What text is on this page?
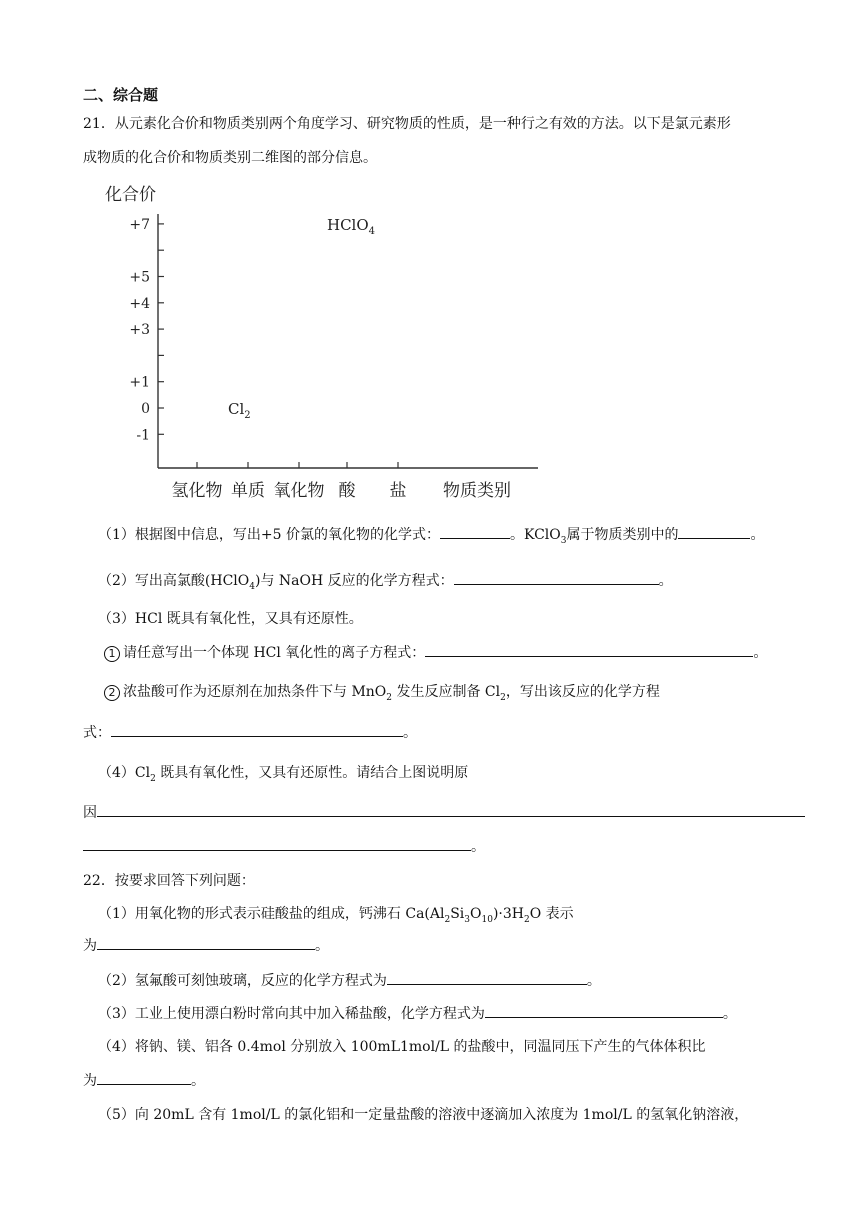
二、综合题
21．从元素化合价和物质类别两个角度学习、研究物质的性质，是一种行之有效的方法。以下是氯元素形
成物质的化合价和物质类别二维图的部分信息。
化合价
+7
+5
+4
+3
+1
0
-1
氢化物 单质 氧化物 酸 盐
HClO$_4$
$Cl_2$
物质类别
（1）根据图中信息，写出+5 价氯的氧化物的化学式：	。KClO$_3$属于物质类别中的	。
（2）写出高氯酸(HClO$_4$)与 NaOH 反应的化学方程式：	。
（3）HCl 既具有氧化性，又具有还原性。
1 请任意写出一个体现 HCl 氧化性的离子方程式：	。
2 浓盐酸可作为还原剂在加热条件下与 MnO$_2$ 发生反应制备 $Cl_2$，写出该反应的化学方程
式：	。
$(4)Cl_2$ 既具有氧化性，又具有还原性。请结合上图说明原
因
。
22．按要求回答下列问题：
（1）用氧化物的形式表示硅酸盐的组成，钙沸石 $Ca(Al_2Si_3O_{10})\cdot 3H_2O$ 表示
为	。
（2）氢氟酸可刻蚀玻璃，反应的化学方程式为	。
（3）工业上使用漂白粉时常向其中加入稀盐酸，化学方程式为	。
（4）将钠、镁、铝各 0.4mol 分别放入 100mL1mol/L 的盐酸中，同温同压下产生的气体体积比
为	。
（5）向 20mL 含有 1mol/L 的氯化铝和一定量盐酸的溶液中逐滴加入浓度为 1mol/L 的氢氧化钠溶液，
